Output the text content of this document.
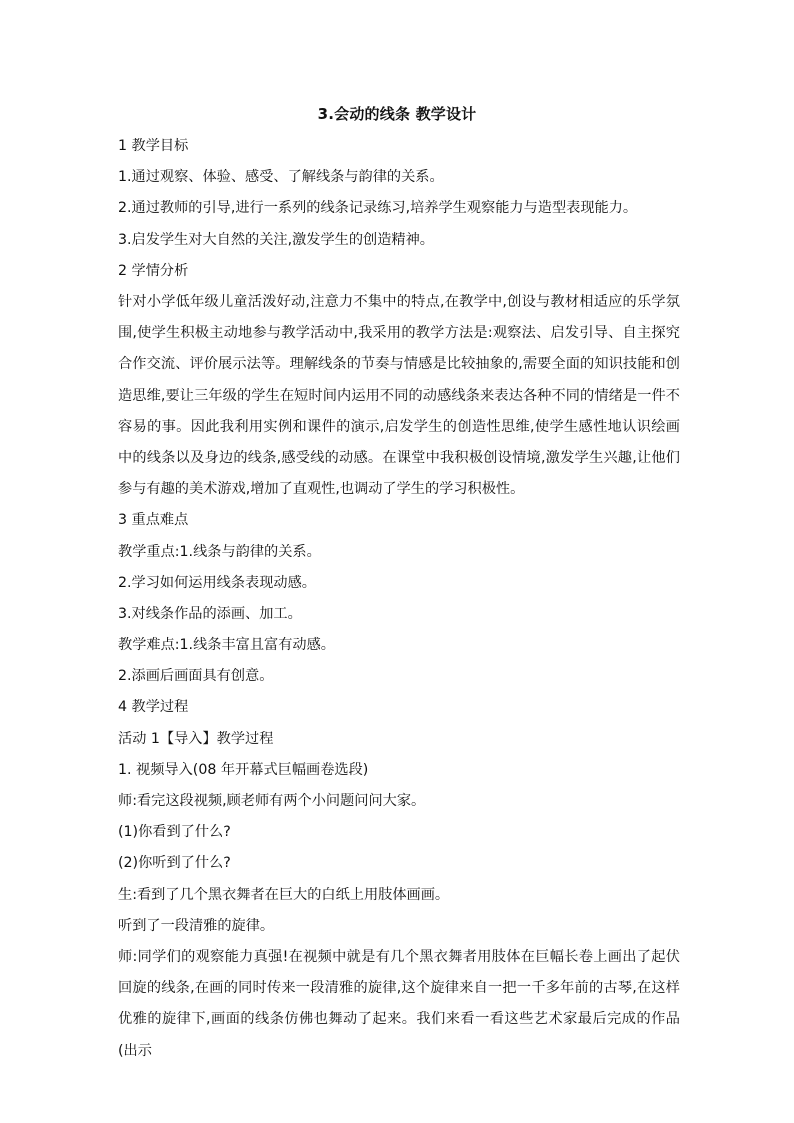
3.会动的线条 教学设计
1 教学目标
1.通过观察、体验、感受、了解线条与韵律的关系。
2.通过教师的引导,进行一系列的线条记录练习,培养学生观察能力与造型表现能力。
3.启发学生对大自然的关注,激发学生的创造精神。
2 学情分析
针对小学低年级儿童活泼好动,注意力不集中的特点,在教学中,创设与教材相适应的乐学氛围,使学生积极主动地参与教学活动中,我采用的教学方法是:观察法、启发引导、自主探究合作交流、评价展示法等。理解线条的节奏与情感是比较抽象的,需要全面的知识技能和创造思维,要让三年级的学生在短时间内运用不同的动感线条来表达各种不同的情绪是一件不容易的事。因此我利用实例和课件的演示,启发学生的创造性思维,使学生感性地认识绘画中的线条以及身边的线条,感受线的动感。在课堂中我积极创设情境,激发学生兴趣,让他们参与有趣的美术游戏,增加了直观性,也调动了学生的学习积极性。
3 重点难点
教学重点:1.线条与韵律的关系。
2.学习如何运用线条表现动感。
3.对线条作品的添画、加工。
教学难点:1.线条丰富且富有动感。
2.添画后画面具有创意。
4 教学过程
活动 1【导入】教学过程
1. 视频导入(08 年开幕式巨幅画卷选段)
师:看完这段视频,顾老师有两个小问题问问大家。
(1)你看到了什么?
(2)你听到了什么?
生:看到了几个黑衣舞者在巨大的白纸上用肢体画画。
听到了一段清雅的旋律。
师:同学们的观察能力真强!在视频中就是有几个黑衣舞者用肢体在巨幅长卷上画出了起伏回旋的线条,在画的同时传来一段清雅的旋律,这个旋律来自一把一千多年前的古琴,在这样优雅的旋律下,画面的线条仿佛也舞动了起来。我们来看一看这些艺术家最后完成的作品(出示
